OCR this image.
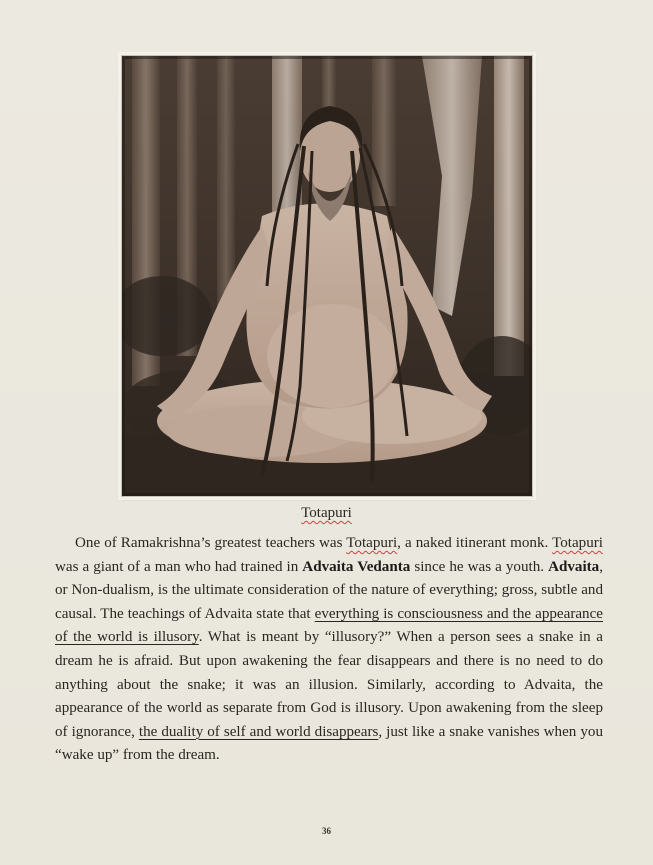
Totapuri

One of Ramakrishna’s greatest teachers was Totapuri, a naked itinerant monk. Totapuri was a giant of a man who had trained in Advaita Vedanta since he was a youth. Advaita, or Non-dualism, is the ultimate consideration of the nature of everything; gross, subtle and causal. The teachings of Advaita state that everything is consciousness and the appearance of the world is illusory. What is meant by “illusory?” When a person sees a snake in a dream he is afraid. But upon awakening the fear disappears and there is no need to do anything about the snake; it was an illusion. Similarly, according to Advaita, the appearance of the world as separate from God is illusory. Upon awakening from the sleep of ignorance, the duality of self and world disappears, just like a snake vanishes when you “wake up” from the dream.

36
